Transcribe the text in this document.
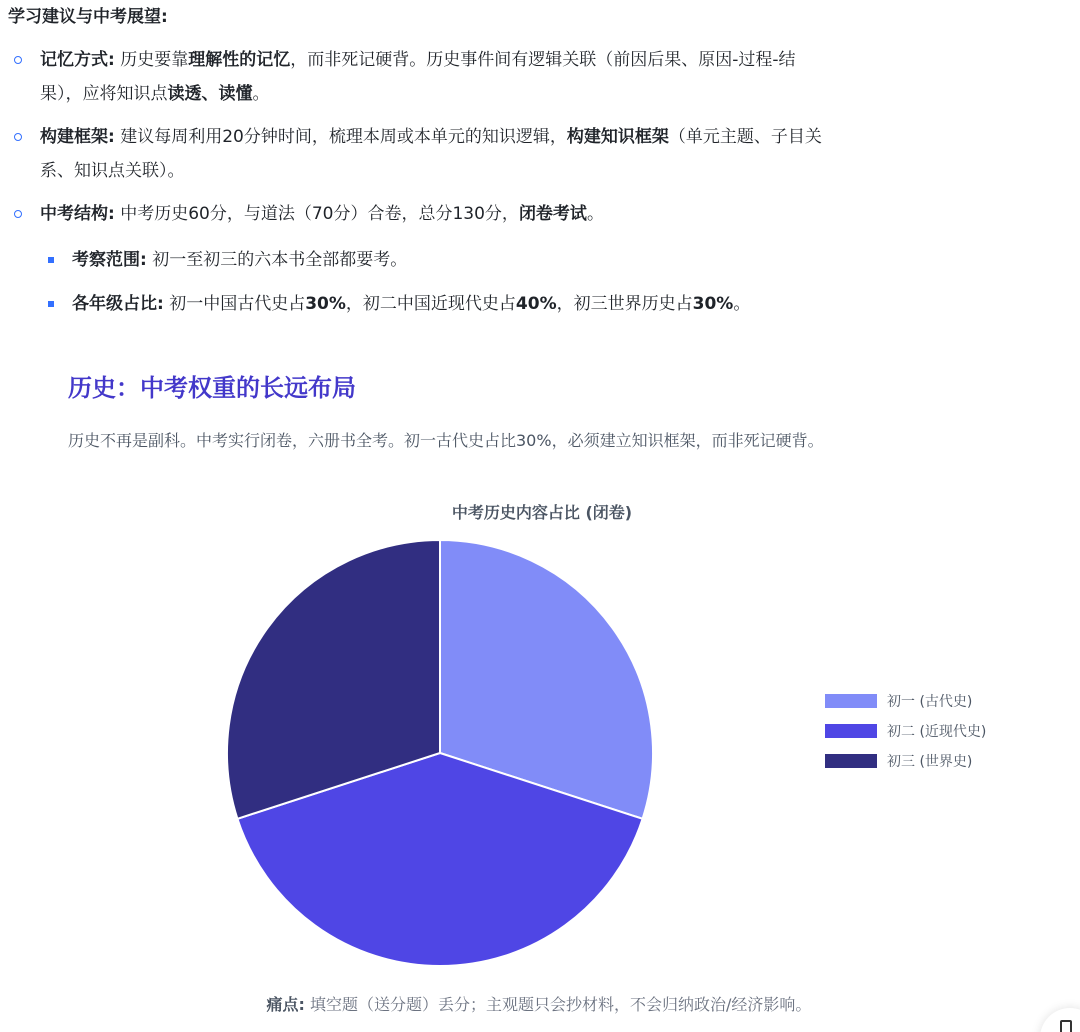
学习建议与中考展望:
记忆方式: 历史要靠理解性的记忆，而非死记硬背。历史事件间有逻辑关联（前因后果、原因-过程-结
果），应将知识点读透、读懂。
构建框架: 建议每周利用20分钟时间，梳理本周或本单元的知识逻辑，构建知识框架（单元主题、子目关
系、知识点关联）。
中考结构: 中考历史60分，与道法（70分）合卷，总分130分，闭卷考试。
考察范围: 初一至初三的六本书全部都要考。
各年级占比: 初一中国古代史占30%，初二中国近现代史占40%，初三世界历史占30%。
历史：中考权重的长远布局
历史不再是副科。中考实行闭卷，六册书全考。初一古代史占比30%，必须建立知识框架，而非死记硬背。
中考历史内容占比 (闭卷)
初一 (古代史)
初二 (近现代史)
初三 (世界史)
痛点: 填空题（送分题）丢分；主观题只会抄材料，不会归纳政治/经济影响。
